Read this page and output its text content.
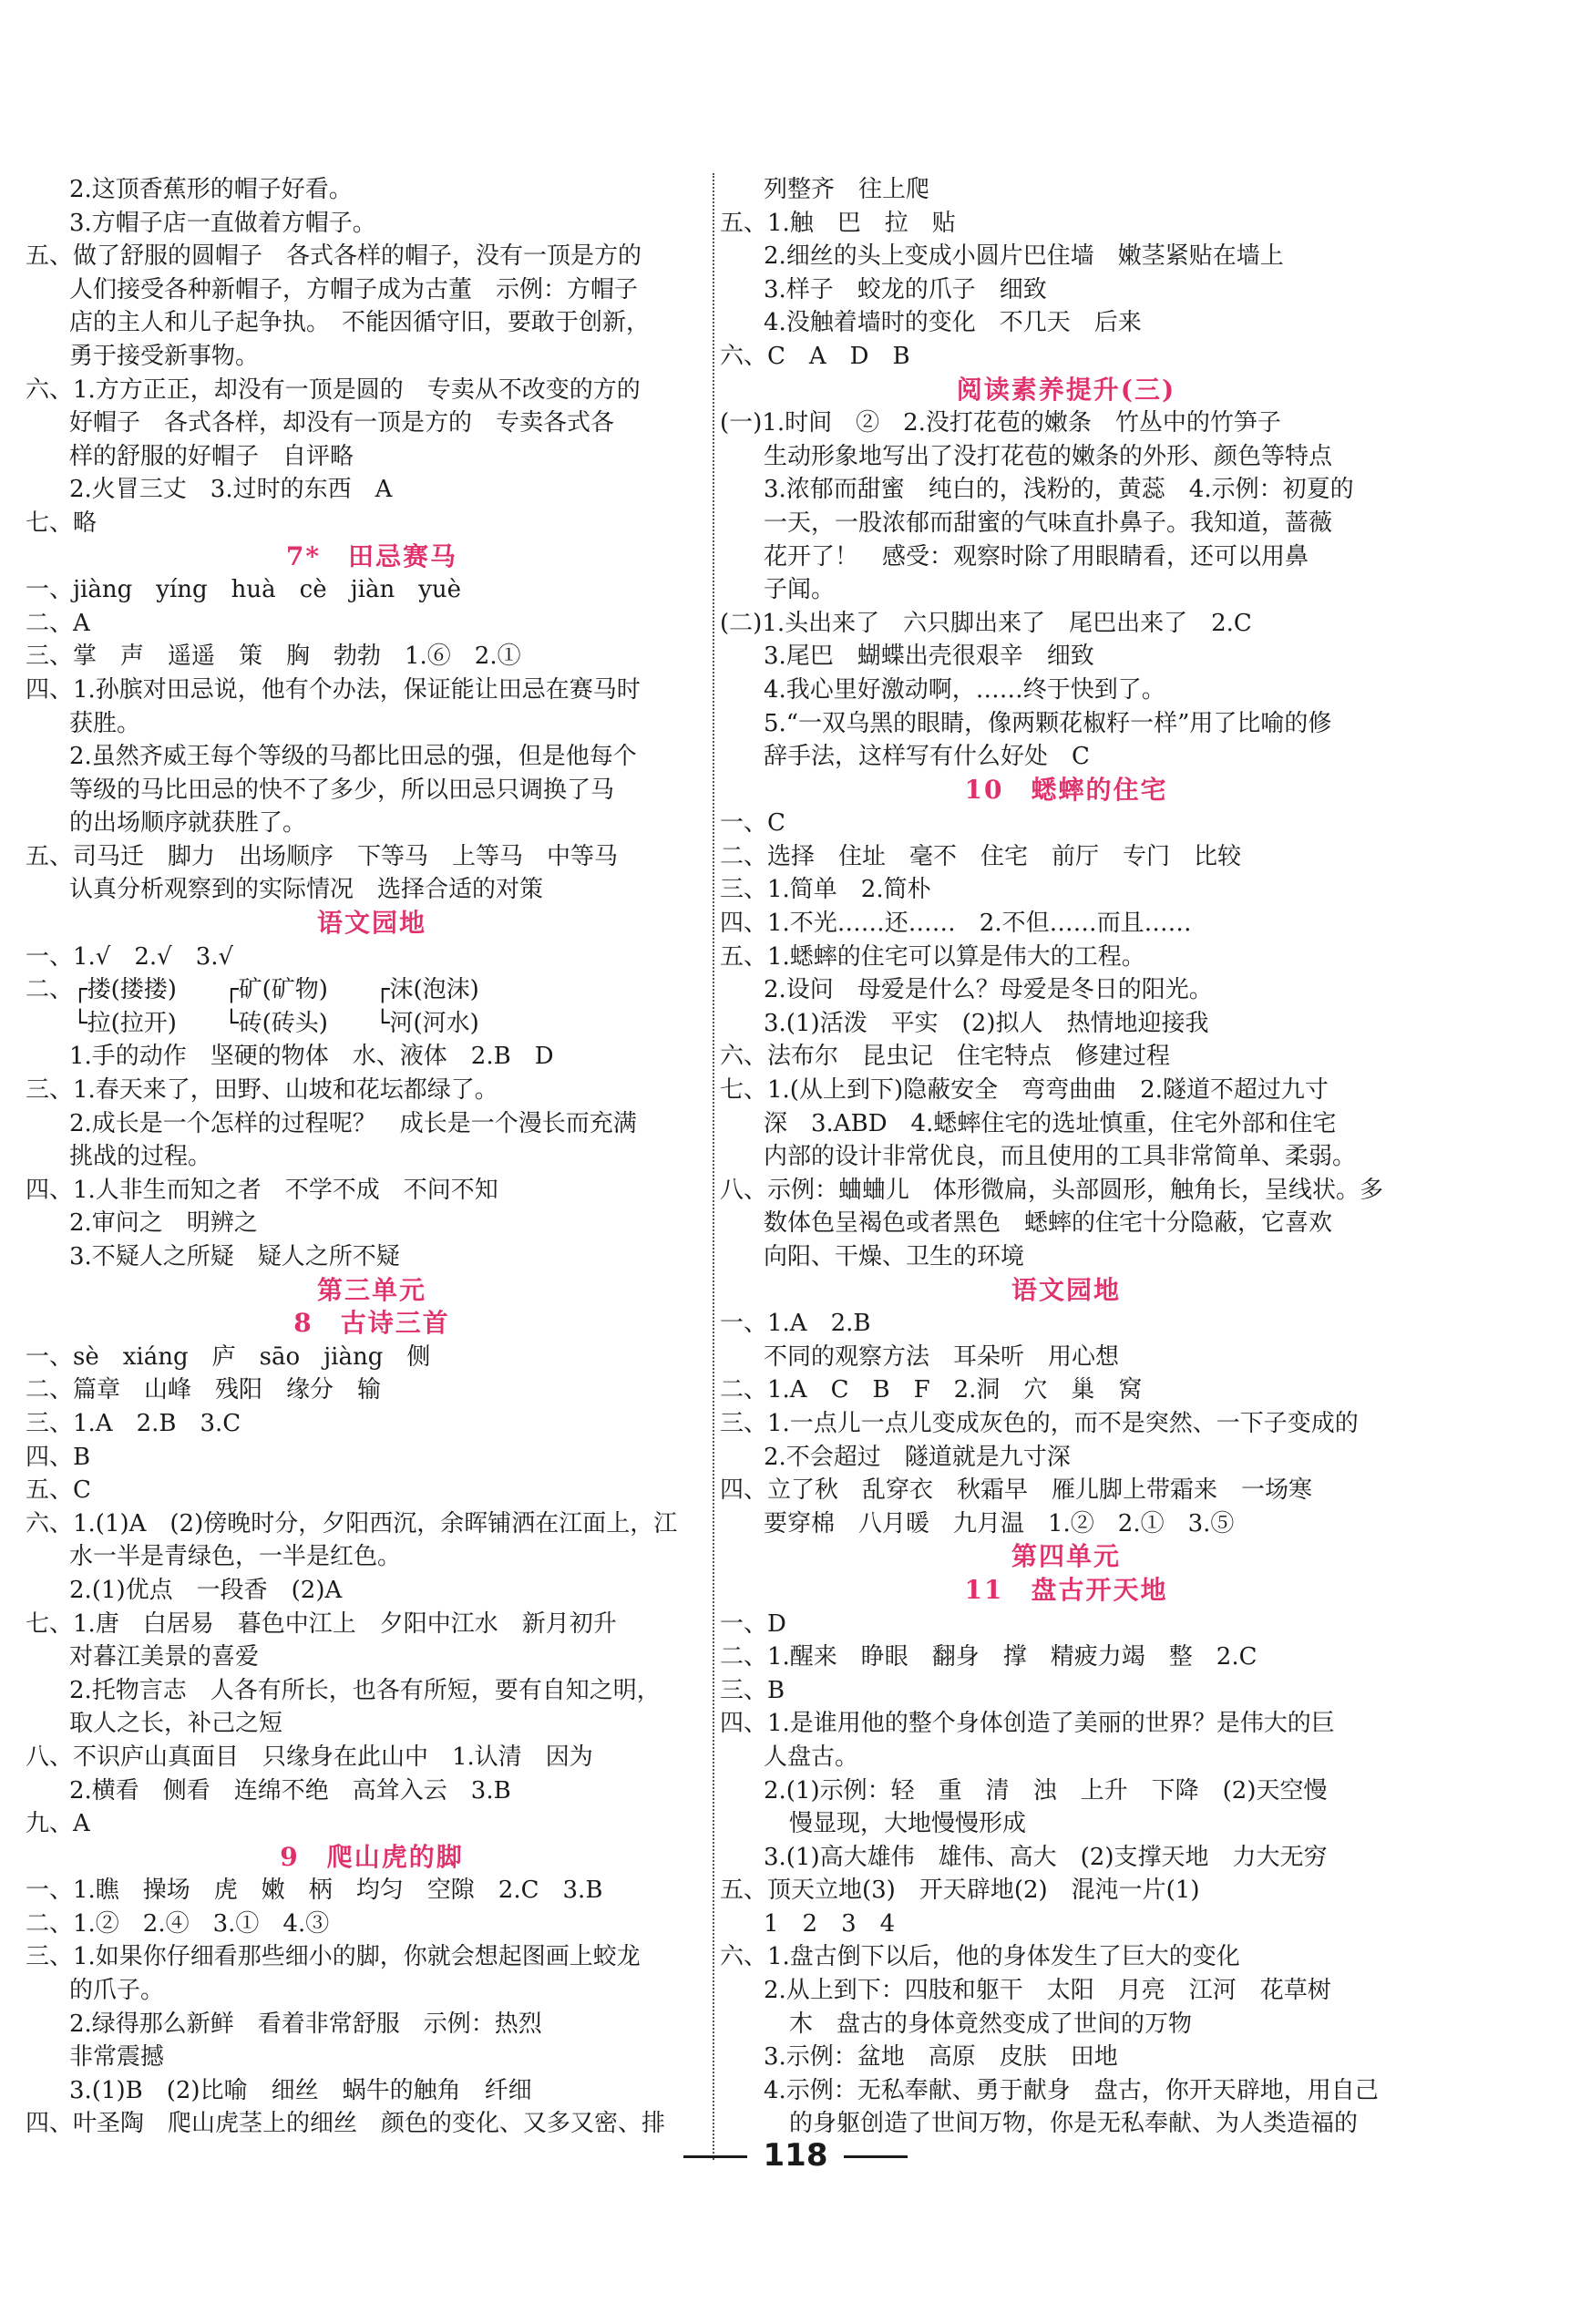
2.这顶香蕉形的帽子好看。
3.方帽子店一直做着方帽子。
五、做了舒服的圆帽子　各式各样的帽子，没有一顶是方的
人们接受各种新帽子，方帽子成为古董　示例：方帽子
店的主人和儿子起争执。　不能因循守旧，要敢于创新，
勇于接受新事物。
六、1.方方正正，却没有一顶是圆的　专卖从不改变的方的
好帽子　各式各样，却没有一顶是方的　专卖各式各
样的舒服的好帽子　自评略
2.火冒三丈　3.过时的东西　A
七、略
7*　田忌赛马
一、jiàng　yíng　huà　cè　jiàn　yuè
二、A
三、掌　声　遥遥　策　胸　勃勃　1.⑥　2.①
四、1.孙膑对田忌说，他有个办法，保证能让田忌在赛马时
获胜。
2.虽然齐威王每个等级的马都比田忌的强，但是他每个
等级的马比田忌的快不了多少，所以田忌只调换了马
的出场顺序就获胜了。
五、司马迁　脚力　出场顺序　下等马　上等马　中等马
认真分析观察到的实际情况　选择合适的对策
语文园地
一、1.√　2.√　3.√
二、┌搂(搂搂)　　┌矿(矿物)　　┌沫(泡沫)
　　└拉(拉开)　　└砖(砖头)　　└河(河水)
1.手的动作　坚硬的物体　水、液体　2.B　D
三、1.春天来了，田野、山坡和花坛都绿了。
2.成长是一个怎样的过程呢？　成长是一个漫长而充满
挑战的过程。
四、1.人非生而知之者　不学不成　不问不知
2.审问之　明辨之
3.不疑人之所疑　疑人之所不疑
第三单元
8　古诗三首
一、sè　xiáng　庐　sāo　jiàng　侧
二、篇章　山峰　残阳　缘分　输
三、1.A　2.B　3.C
四、B
五、C
六、1.(1)A　(2)傍晚时分，夕阳西沉，余晖铺洒在江面上，江
水一半是青绿色，一半是红色。
2.(1)优点　一段香　(2)A
七、1.唐　白居易　暮色中江上　夕阳中江水　新月初升
对暮江美景的喜爱
2.托物言志　人各有所长，也各有所短，要有自知之明，
取人之长，补己之短
八、不识庐山真面目　只缘身在此山中　1.认清　因为
2.横看　侧看　连绵不绝　高耸入云　3.B
九、A
9　爬山虎的脚
一、1.瞧　操场　虎　嫩　柄　均匀　空隙　2.C　3.B
二、1.②　2.④　3.①　4.③
三、1.如果你仔细看那些细小的脚，你就会想起图画上蛟龙
的爪子。
2.绿得那么新鲜　看着非常舒服　示例：热烈
非常震撼
3.(1)B　(2)比喻　细丝　蜗牛的触角　纤细
四、叶圣陶　爬山虎茎上的细丝　颜色的变化、又多又密、排
列整齐　往上爬
五、1.触　巴　拉　贴
2.细丝的头上变成小圆片巴住墙　嫩茎紧贴在墙上
3.样子　蛟龙的爪子　细致
4.没触着墙时的变化　不几天　后来
六、C　A　D　B
阅读素养提升(三)
(一)1.时间　②　2.没打花苞的嫩条　竹丛中的竹笋子
生动形象地写出了没打花苞的嫩条的外形、颜色等特点
3.浓郁而甜蜜　纯白的，浅粉的，黄蕊　4.示例：初夏的
一天，一股浓郁而甜蜜的气味直扑鼻子。我知道，蔷薇
花开了！　感受：观察时除了用眼睛看，还可以用鼻
子闻。
(二)1.头出来了　六只脚出来了　尾巴出来了　2.C
3.尾巴　蝴蝶出壳很艰辛　细致
4.我心里好激动啊，……终于快到了。
5.“一双乌黑的眼睛，像两颗花椒籽一样”用了比喻的修
辞手法，这样写有什么好处　C
10　蟋蟀的住宅
一、C
二、选择　住址　毫不　住宅　前厅　专门　比较
三、1.简单　2.简朴
四、1.不光……还……　2.不但……而且……
五、1.蟋蟀的住宅可以算是伟大的工程。
2.设问　母爱是什么？母爱是冬日的阳光。
3.(1)活泼　平实　(2)拟人　热情地迎接我
六、法布尔　昆虫记　住宅特点　修建过程
七、1.(从上到下)隐蔽安全　弯弯曲曲　2.隧道不超过九寸
深　3.ABD　4.蟋蟀住宅的选址慎重，住宅外部和住宅
内部的设计非常优良，而且使用的工具非常简单、柔弱。
八、示例：蛐蛐儿　体形微扁，头部圆形，触角长，呈线状。多
数体色呈褐色或者黑色　蟋蟀的住宅十分隐蔽，它喜欢
向阳、干燥、卫生的环境
语文园地
一、1.A　2.B
不同的观察方法　耳朵听　用心想
二、1.A　C　B　F　2.洞　穴　巢　窝
三、1.一点儿一点儿变成灰色的，而不是突然、一下子变成的
2.不会超过　隧道就是九寸深
四、立了秋　乱穿衣　秋霜早　雁儿脚上带霜来　一场寒
要穿棉　八月暖　九月温　1.②　2.①　3.⑤
第四单元
11　盘古开天地
一、D
二、1.醒来　睁眼　翻身　撑　精疲力竭　整　2.C
三、B
四、1.是谁用他的整个身体创造了美丽的世界？是伟大的巨
人盘古。
2.(1)示例：轻　重　清　浊　上升　下降　(2)天空慢
慢显现，大地慢慢形成
3.(1)高大雄伟　雄伟、高大　(2)支撑天地　力大无穷
五、顶天立地(3)　开天辟地(2)　混沌一片(1)
1　2　3　4
六、1.盘古倒下以后，他的身体发生了巨大的变化
2.从上到下：四肢和躯干　太阳　月亮　江河　花草树
木　盘古的身体竟然变成了世间的万物
3.示例：盆地　高原　皮肤　田地
4.示例：无私奉献、勇于献身　盘古，你开天辟地，用自己
的身躯创造了世间万物，你是无私奉献、为人类造福的
118
